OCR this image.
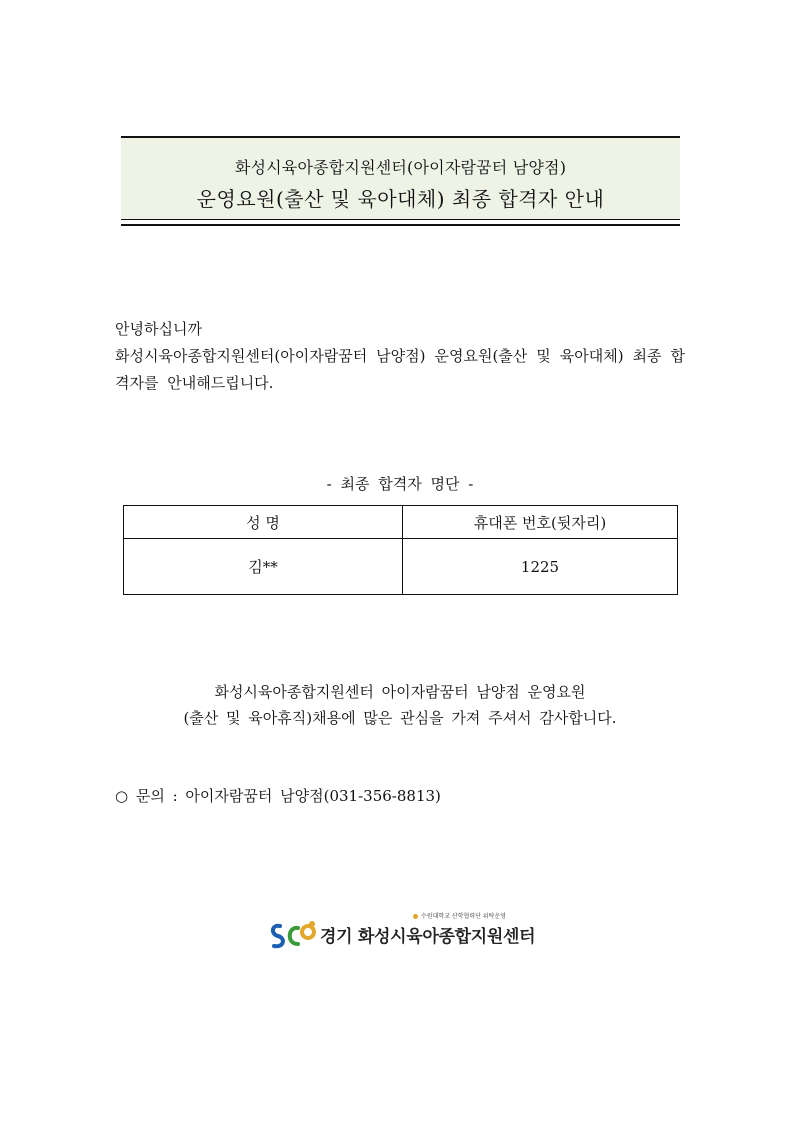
화성시육아종합지원센터(아이자람꿈터 남양점)
운영요원(출산 및 육아대체) 최종 합격자 안내
안녕하십니까
화성시육아종합지원센터(아이자람꿈터 남양점) 운영요원(출산 및 육아대체) 최종 합격자를 안내해드립니다.
- 최종 합격자 명단 -
성 명	휴대폰 번호(뒷자리)
김**	1225
화성시육아종합지원센터 아이자람꿈터 남양점 운영요원
(출산 및 육아휴직)채용에 많은 관심을 가져 주셔서 감사합니다.
○ 문의 : 아이자람꿈터 남양점(031-356-8813)
수원대학교 산학협력단 위탁운영
경기 화성시육아종합지원센터
